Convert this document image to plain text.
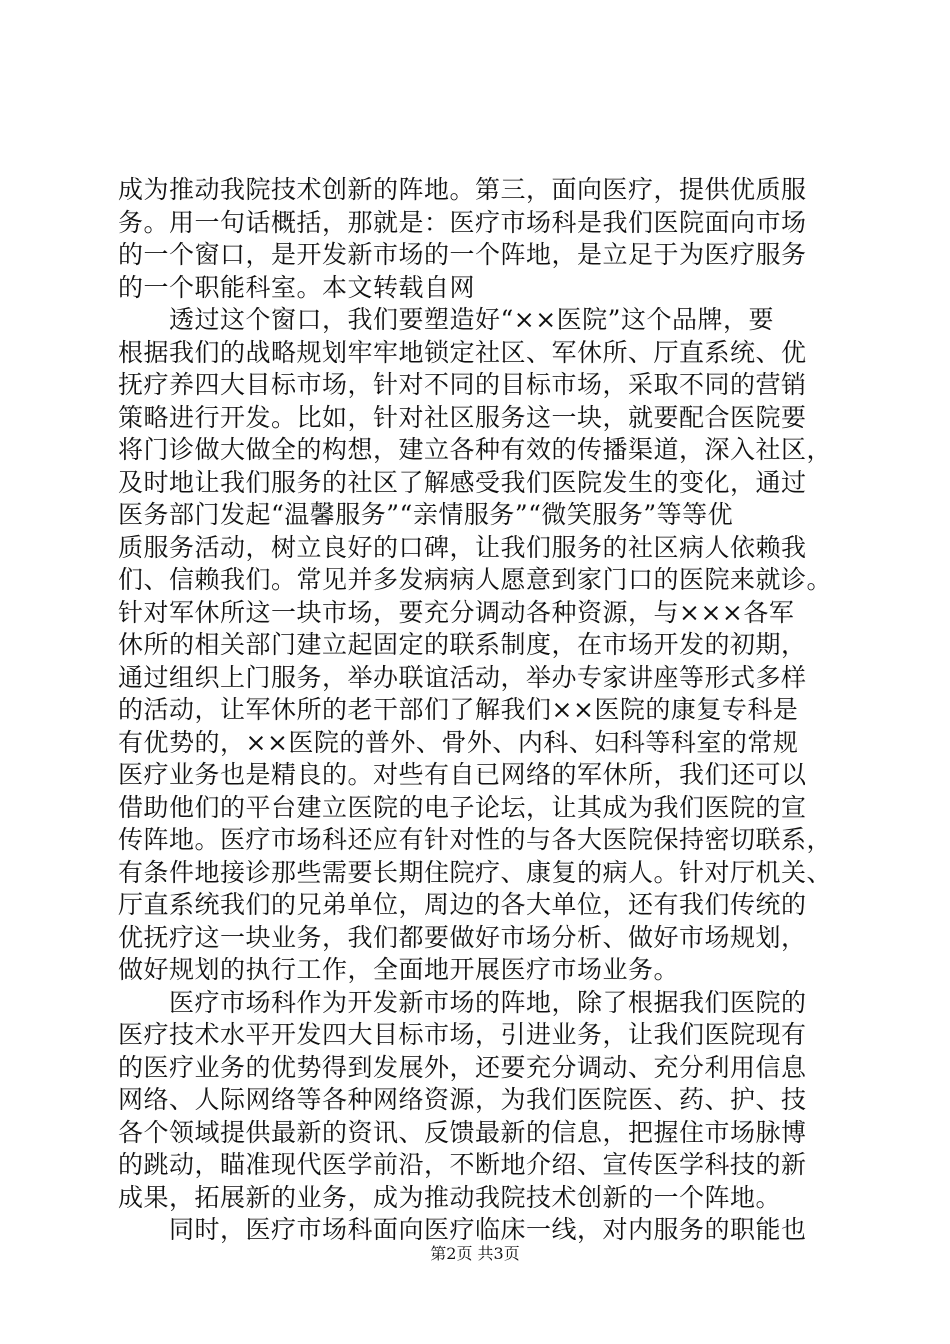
成为推动我院技术创新的阵地。第三，面向医疗，提供优质服
务。用一句话概括，那就是：医疗市场科是我们医院面向市场
的一个窗口，是开发新市场的一个阵地，是立足于为医疗服务
的一个职能科室。本文转载自网
　　透过这个窗口，我们要塑造好“××医院”这个品牌，要
根据我们的战略规划牢牢地锁定社区、军休所、厅直系统、优
抚疗养四大目标市场，针对不同的目标市场，采取不同的营销
策略进行开发。比如，针对社区服务这一块，就要配合医院要
将门诊做大做全的构想，建立各种有效的传播渠道，深入社区，
及时地让我们服务的社区了解感受我们医院发生的变化，通过
医务部门发起“温馨服务”“亲情服务”“微笑服务”等等优
质服务活动，树立良好的口碑，让我们服务的社区病人依赖我
们、信赖我们。常见并多发病病人愿意到家门口的医院来就诊。
针对军休所这一块市场，要充分调动各种资源，与×××各军
休所的相关部门建立起固定的联系制度，在市场开发的初期，
通过组织上门服务，举办联谊活动，举办专家讲座等形式多样
的活动，让军休所的老干部们了解我们××医院的康复专科是
有优势的，××医院的普外、骨外、内科、妇科等科室的常规
医疗业务也是精良的。对些有自已网络的军休所，我们还可以
借助他们的平台建立医院的电子论坛，让其成为我们医院的宣
传阵地。医疗市场科还应有针对性的与各大医院保持密切联系，
有条件地接诊那些需要长期住院疗、康复的病人。针对厅机关、
厅直系统我们的兄弟单位，周边的各大单位，还有我们传统的
优抚疗这一块业务，我们都要做好市场分析、做好市场规划，
做好规划的执行工作，全面地开展医疗市场业务。
　　医疗市场科作为开发新市场的阵地，除了根据我们医院的
医疗技术水平开发四大目标市场，引进业务，让我们医院现有
的医疗业务的优势得到发展外，还要充分调动、充分利用信息
网络、人际网络等各种网络资源，为我们医院医、药、护、技
各个领域提供最新的资讯、反馈最新的信息，把握住市场脉博
的跳动，瞄准现代医学前沿，不断地介绍、宣传医学科技的新
成果，拓展新的业务，成为推动我院技术创新的一个阵地。
　　同时，医疗市场科面向医疗临床一线，对内服务的职能也
第2页 共3页
